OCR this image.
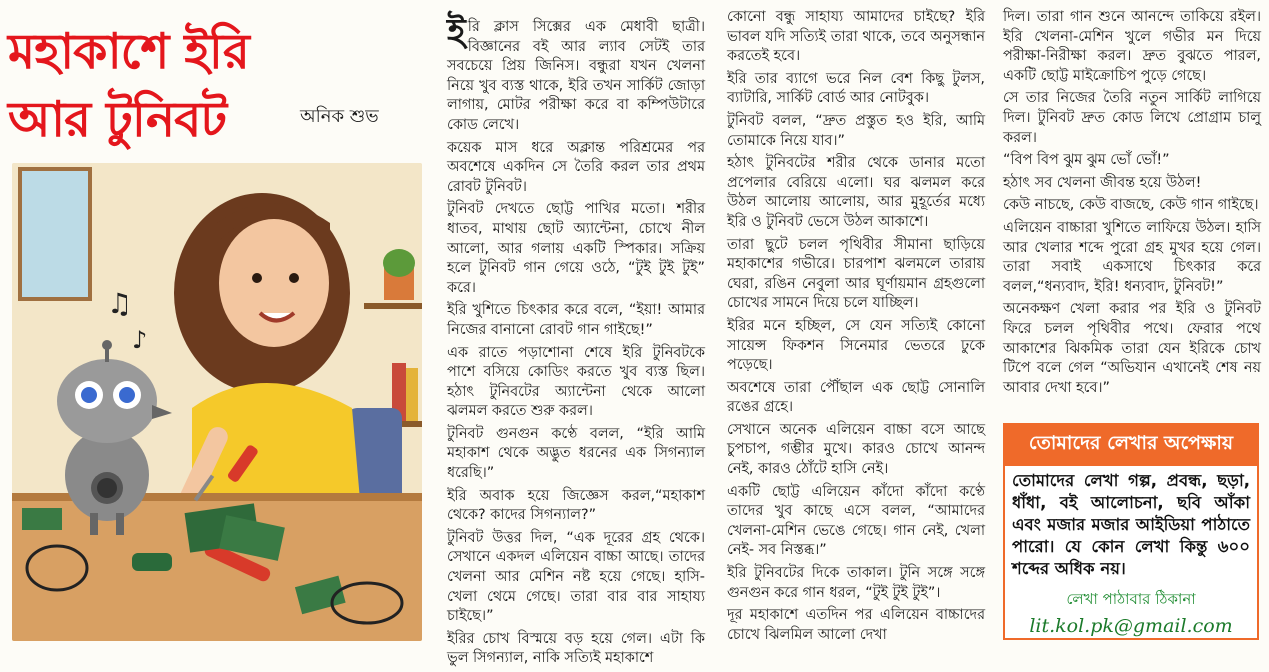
মহাকাশে ইরি আর টুনিবট	অনিক শুভ
♫
♪

ইরি ক্লাস সিক্সের এক মেধাবী ছাত্রী। বিজ্ঞানের বই আর ল্যাব সেটই তার সবচেয়ে প্রিয় জিনিস। বন্ধুরা যখন খেলনা নিয়ে খুব ব্যস্ত থাকে, ইরি তখন সার্কিট জোড়া লাগায়, মোটর পরীক্ষা করে বা কম্পিউটারে কোড লেখে।

কয়েক মাস ধরে অক্লান্ত পরিশ্রমের পর অবশেষে একদিন সে তৈরি করল তার প্রথম রোবট টুনিবট।

টুনিবট দেখতে ছোট্ট পাখির মতো। শরীর ধাতব, মাথায় ছোট অ্যান্টেনা, চোখে নীল আলো, আর গলায় একটি স্পিকার। সক্রিয় হলে টুনিবট গান গেয়ে ওঠে, “টুই টুই টুই” করে।

ইরি খুশিতে চিৎকার করে বলে, “ইয়া! আমার নিজের বানানো রোবট গান গাইছে!”

এক রাতে পড়াশোনা শেষে ইরি টুনিবটকে পাশে বসিয়ে কোডিং করতে খুব ব্যস্ত ছিল। হঠাৎ টুনিবটের অ্যান্টেনা থেকে আলো ঝলমল করতে শুরু করল।

টুনিবট গুনগুন কণ্ঠে বলল, “ইরি আমি মহাকাশ থেকে অদ্ভুত ধরনের এক সিগন্যাল ধরেছি।”

ইরি অবাক হয়ে জিজ্ঞেস করল,“মহাকাশ থেকে? কাদের সিগন্যাল?”

টুনিবট উত্তর দিল, “এক দূরের গ্রহ থেকে। সেখানে একদল এলিয়েন বাচ্চা আছে। তাদের খেলনা আর মেশিন নষ্ট হয়ে গেছে। হাসি-খেলা থেমে গেছে। তারা বার বার সাহায্য চাইছে।”

ইরির চোখ বিস্ময়ে বড় হয়ে গেল। এটা কি ভুল সিগন্যাল, নাকি সত্যিই মহাকাশে

কোনো বন্ধু সাহায্য আমাদের চাইছে? ইরি ভাবল যদি সত্যিই তারা থাকে, তবে অনুসন্ধান করতেই হবে।

ইরি তার ব্যাগে ভরে নিল বেশ কিছু টুলস, ব্যাটারি, সার্কিট বোর্ড আর নোটবুক।

টুনিবট বলল, “দ্রুত প্রস্তুত হও ইরি, আমি তোমাকে নিয়ে যাব।”

হঠাৎ টুনিবটের শরীর থেকে ডানার মতো প্রপেলার বেরিয়ে এলো। ঘর ঝলমল করে উঠল আলোয় আলোয়, আর মুহূর্তের মধ্যে ইরি ও টুনিবট ভেসে উঠল আকাশে।

তারা ছুটে চলল পৃথিবীর সীমানা ছাড়িয়ে মহাকাশের গভীরে। চারপাশ ঝলমলে তারায় ঘেরা, রঙিন নেবুলা আর ঘূর্ণায়মান গ্রহগুলো চোখের সামনে দিয়ে চলে যাচ্ছিল।

ইরির মনে হচ্ছিল, সে যেন সত্যিই কোনো সায়েন্স ফিকশন সিনেমার ভেতরে ঢুকে পড়েছে।

অবশেষে তারা পৌঁছাল এক ছোট্ট সোনালি রঙের গ্রহে।

সেখানে অনেক এলিয়েন বাচ্চা বসে আছে চুপচাপ, গম্ভীর মুখে। কারও চোখে আনন্দ নেই, কারও ঠোঁটে হাসি নেই।

একটি ছোট্ট এলিয়েন কাঁদো কাঁদো কণ্ঠে তাদের খুব কাছে এসে বলল, “আমাদের খেলনা-মেশিন ভেঙে গেছে। গান নেই, খেলা নেই- সব নিস্তব্ধ।”

ইরি টুনিবটের দিকে তাকাল। টুনি সঙ্গে সঙ্গে গুনগুন করে গান ধরল, “টুই টুই টুই”।

দূর মহাকাশে এতদিন পর এলিয়েন বাচ্চাদের চোখে ঝিলমিল আলো দেখা

দিল। তারা গান শুনে আনন্দে তাকিয়ে রইল। ইরি খেলনা-মেশিন খুলে গভীর মন দিয়ে পরীক্ষা-নিরীক্ষা করল। দ্রুত বুঝতে পারল, একটি ছোট্ট মাইক্রোচিপ পুড়ে গেছে।

সে তার নিজের তৈরি নতুন সার্কিট লাগিয়ে দিল। টুনিবট দ্রুত কোড লিখে প্রোগ্রাম চালু করল।

“বিপ বিপ ঝুম ঝুম ভোঁ ভোঁ!”

হঠাৎ সব খেলনা জীবন্ত হয়ে উঠল!

কেউ নাচছে, কেউ বাজছে, কেউ গান গাইছে।

এলিয়েন বাচ্চারা খুশিতে লাফিয়ে উঠল। হাসি আর খেলার শব্দে পুরো গ্রহ মুখর হয়ে গেল। তারা সবাই একসাথে চিৎকার করে বলল,“ধন্যবাদ, ইরি! ধন্যবাদ, টুনিবট!”

অনেকক্ষণ খেলা করার পর ইরি ও টুনিবট ফিরে চলল পৃথিবীর পথে। ফেরার পথে আকাশের ঝিকমিক তারা যেন ইরিকে চোখ টিপে বলে গেল “অভিযান এখানেই শেষ নয় আবার দেখা হবে।”

তোমাদের লেখার অপেক্ষায়
তোমাদের লেখা গল্প, প্রবন্ধ, ছড়া, ধাঁধা, বই আলোচনা, ছবি আঁকা এবং মজার মজার আইডিয়া পাঠাতে পারো। যে কোন লেখা কিন্তু ৬০০ শব্দের অধিক নয়।
লেখা পাঠাবার ঠিকানা
lit.kol.pk@gmail.com
